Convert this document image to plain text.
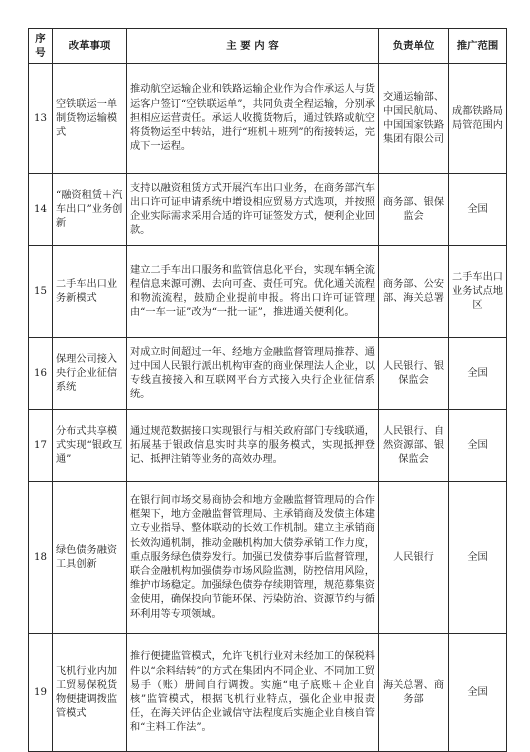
序号	改革事项	主 要 内 容	负责单位	推广范围
13	空铁联运一单制货物运输模式	推动航空运输企业和铁路运输企业作为合作承运人与货运客户签订“空铁联运单”，共同负责全程运输，分别承担相应运营责任。承运人收揽货物后，通过铁路或航空将货物运至中转站，进行“班机＋班列”的衔接转运，完成下一运程。	交通运输部、中国民航局、中国国家铁路集团有限公司	成都铁路局局管范围内
14	“融资租赁＋汽车出口”业务创新	支持以融资租赁方式开展汽车出口业务，在商务部汽车出口许可证申请系统中增设相应贸易方式选项，并按照企业实际需求采用合适的许可证签发方式，便利企业回款。	商务部、银保监会	全国
15	二手车出口业务新模式	建立二手车出口服务和监管信息化平台，实现车辆全流程信息来源可溯、去向可查、责任可究。优化通关流程和物流流程，鼓励企业提前申报。将出口许可证管理由“一车一证”改为“一批一证”，推进通关便利化。	商务部、公安部、海关总署	二手车出口业务试点地区
16	保理公司接入央行企业征信系统	对成立时间超过一年、经地方金融监督管理局推荐、通过中国人民银行派出机构审查的商业保理法人企业，以专线直接接入和互联网平台方式接入央行企业征信系统。	人民银行、银保监会	全国
17	分布式共享模式实现“银政互通”	通过规范数据接口实现银行与相关政府部门专线联通，拓展基于银政信息实时共享的服务模式，实现抵押登记、抵押注销等业务的高效办理。	人民银行、自然资源部、银保监会	全国
18	绿色债务融资工具创新	在银行间市场交易商协会和地方金融监督管理局的合作框架下，地方金融监督管理局、主承销商及发债主体建立专业指导、整体联动的长效工作机制。建立主承销商长效沟通机制，推动金融机构加大债券承销工作力度，重点服务绿色债券发行。加强已发债券事后监督管理，联合金融机构加强债券市场风险监测，防控信用风险，维护市场稳定。加强绿色债券存续期管理，规范募集资金使用，确保投向节能环保、污染防治、资源节约与循环利用等专项领域。	人民银行	全国
19	飞机行业内加工贸易保税货物便捷调拨监管模式	推行便捷监管模式，允许飞机行业对未经加工的保税料件以“余料结转”的方式在集团内不同企业、不同加工贸易手（账）册间自行调拨。实施“电子底账＋企业自核”监管模式，根据飞机行业特点，强化企业申报责任，在海关评估企业诚信守法程度后实施企业自核自管和“主料工作法”。	海关总署、商务部	全国
